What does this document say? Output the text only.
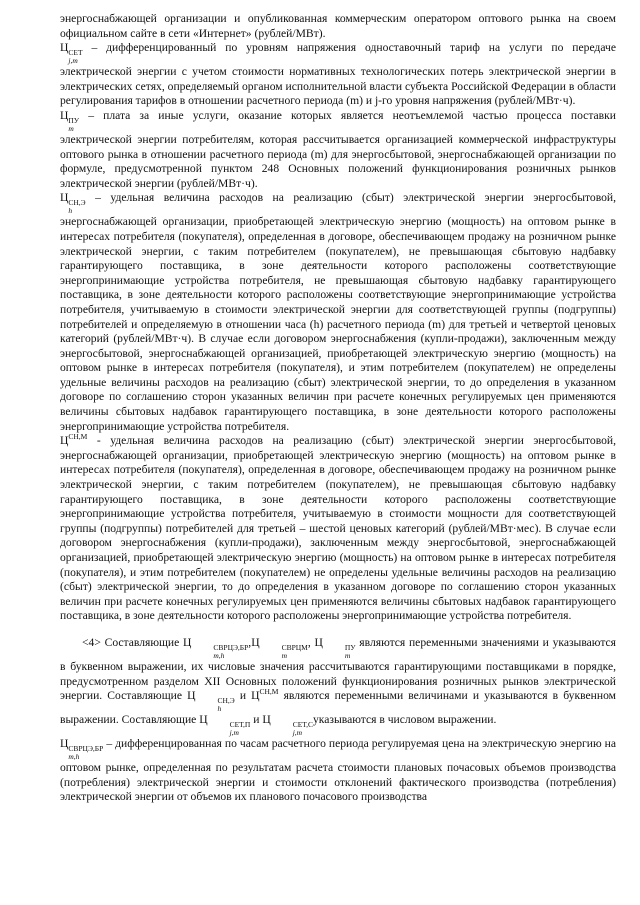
энергоснабжающей организации и опубликованная коммерческим оператором оптового рынка на своем официальном сайте в сети «Интернет» (рублей/МВт).

Ц СЕТ
j,m
– дифференцированный по уровням напряжения одноставочный тариф на услуги по передаче электрической энергии с учетом стоимости нормативных технологических потерь электрической энергии в электрических сетях, определяемый органом исполнительной власти субъекта Российской Федерации в области регулирования тарифов в отношении расчетного периода (m) и j-го уровня напряжения (рублей/МВт·ч).

Ц ПУ
m
– плата за иные услуги, оказание которых является неотъемлемой частью процесса поставки электрической энергии потребителям, которая рассчитывается организацией коммерческой инфраструктуры оптового рынка в отношении расчетного периода (m) для энергосбытовой, энергоснабжающей организации по формуле, предусмотренной пунктом 248 Основных положений функционирования розничных рынков электрической энергии (рублей/МВт·ч).

Ц СН,Э
h
– удельная величина расходов на реализацию (сбыт) электрической энергии энергосбытовой, энергоснабжающей организации, приобретающей электрическую энергию (мощность) на оптовом рынке в интересах потребителя (покупателя), определенная в договоре, обеспечивающем продажу на розничном рынке электрической энергии, с таким потребителем (покупателем), не превышающая сбытовую надбавку гарантирующего поставщика, в зоне деятельности которого расположены соответствующие энергопринимающие устройства потребителя, не превышающая сбытовую надбавку гарантирующего поставщика, в зоне деятельности которого расположены соответствующие энергопринимающие устройства потребителя, учитываемую в стоимости электрической энергии для соответствующей группы (подгруппы) потребителей и определяемую в отношении часа (h) расчетного периода (m) для третьей и четвертой ценовых категорий (рублей/МВт·ч). В случае если договором энергоснабжения (купли-продажи), заключенным между энергосбытовой, энергоснабжающей организацией, приобретающей электрическую энергию (мощность) на оптовом рынке в интересах потребителя (покупателя), и этим потребителем (покупателем) не определены удельные величины расходов на реализацию (сбыт) электрической энергии, то до определения в указанном договоре по соглашению сторон указанных величин при расчете конечных регулируемых цен применяются величины сбытовых надбавок гарантирующего поставщика, в зоне деятельности которого расположены энергопринимающие устройства потребителя.

$Ц^{СН,М}$ - удельная величина расходов на реализацию (сбыт) электрической энергии энергосбытовой, энергоснабжающей организации, приобретающей электрическую энергию (мощность) на оптовом рынке в интересах потребителя (покупателя), определенная в договоре, обеспечивающем продажу на розничном рынке электрической энергии, с таким потребителем (покупателем), не превышающая сбытовую надбавку гарантирующего поставщика, в зоне деятельности которого расположены соответствующие энергопринимающие устройства потребителя, учитываемую в стоимости мощности для соответствующей группы (подгруппы) потребителей для третьей – шестой ценовых категорий (рублей/МВт·мес). В случае если договором энергоснабжения (купли-продажи), заключенным между энергосбытовой, энергоснабжающей организацией, приобретающей электрическую энергию (мощность) на оптовом рынке в интересах потребителя (покупателя), и этим потребителем (покупателем) не определены удельные величины расходов на реализацию (сбыт) электрической энергии, то до определения в указанном договоре по соглашению сторон указанных величин при расчете конечных регулируемых цен применяются величины сбытовых надбавок гарантирующего поставщика, в зоне деятельности которого расположены энергопринимающие устройства потребителя.

<4> Составляющие Ц	СВРЦЭ,БР
m,h
,Ц	СВРЦМ
m
, Ц	ПУ
m
являются переменными значениями и указываются в буквенном выражении, их числовые значения рассчитываются гарантирующими поставщиками в порядке, предусмотренном разделом XII Основных положений функционирования розничных рынков электрической энергии. Составляющие Ц	СН,Э
h
и $Ц^{СН,М}$ являются переменными величинами и указываются в буквенном выражении. Составляющие Ц	СЕТ,П
j,m
и Ц	СЕТ,С
j,m
указываются в числовом выражении.

Ц СВРЦЭ,БР
m,h
– дифференцированная по часам расчетного периода регулируемая цена на электрическую энергию на оптовом рынке, определенная по результатам расчета стоимости плановых почасовых объемов производства (потребления) электрической энергии и стоимости отклонений фактического производства (потребления) электрической энергии от объемов их планового почасового производства
